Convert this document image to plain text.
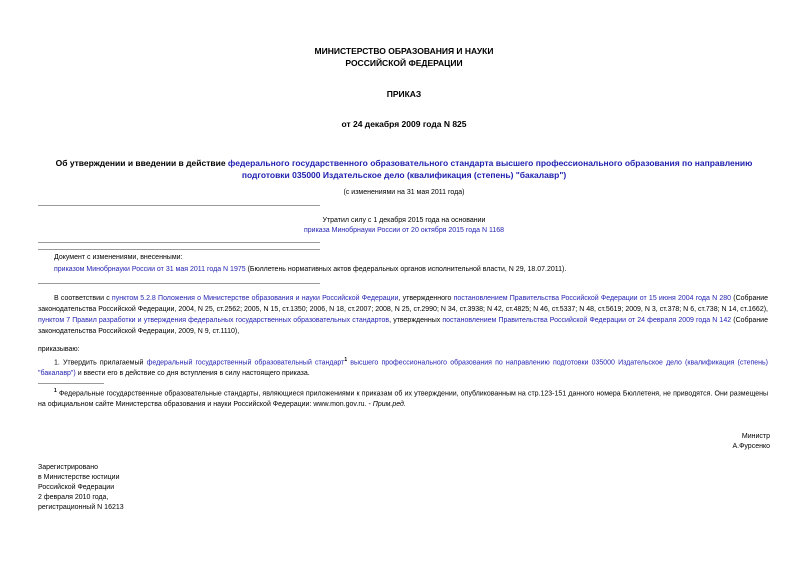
МИНИСТЕРСТВО ОБРАЗОВАНИЯ И НАУКИ
РОССИЙСКОЙ ФЕДЕРАЦИИ
ПРИКАЗ
от 24 декабря 2009 года N 825
Об утверждении и введении в действие федерального государственного образовательного стандарта высшего профессионального образования по направлению
подготовки 035000 Издательское дело (квалификация (степень) "бакалавр")
(с изменениями на 31 мая 2011 года)
Утратил силу с 1 декабря 2015 года на основании
приказа Минобрнауки России от 20 октября 2015 года N 1168
Документ с изменениями, внесенными:
приказом Минобрнауки России от 31 мая 2011 года N 1975 (Бюллетень нормативных актов федеральных органов исполнительной власти, N 29, 18.07.2011).
В соответствии с пунктом 5.2.8 Положения о Министерстве образования и науки Российской Федерации, утвержденного постановлением Правительства Российской Федерации от 15 июня 2004 года N 280 (Собрание законодательства Российской Федерации, 2004, N 25, ст.2562; 2005, N 15, ст.1350; 2006, N 18, ст.2007; 2008, N 25, ст.2990; N 34, ст.3938; N 42, ст.4825; N 46, ст.5337; N 48, ст.5619; 2009, N 3, ст.378; N 6, ст.738; N 14, ст.1662), пунктом 7 Правил разработки и утверждения федеральных государственных образовательных стандартов, утвержденных постановлением Правительства Российской Федерации от 24 февраля 2009 года N 142 (Собрание законодательства Российской Федерации, 2009, N 9, ст.1110),
приказываю:
1. Утвердить прилагаемый федеральный государственный образовательный стандарт$^1$ высшего профессионального образования по направлению подготовки 035000 Издательское дело (квалификация (степень) "бакалавр") и ввести его в действие со дня вступления в силу настоящего приказа.
$^1$ Федеральные государственные образовательные стандарты, являющиеся приложениями к приказам об их утверждении, опубликованным на стр.123-151 данного номера Бюллетеня, не приводятся. Они размещены на официальном сайте Министерства образования и науки Российской Федерации: www.mon.gov.ru. - Прим.ред.
Министр
А.Фурсенко
Зарегистрировано
в Министерстве юстиции
Российской Федерации
2 февраля 2010 года,
регистрационный N 16213
